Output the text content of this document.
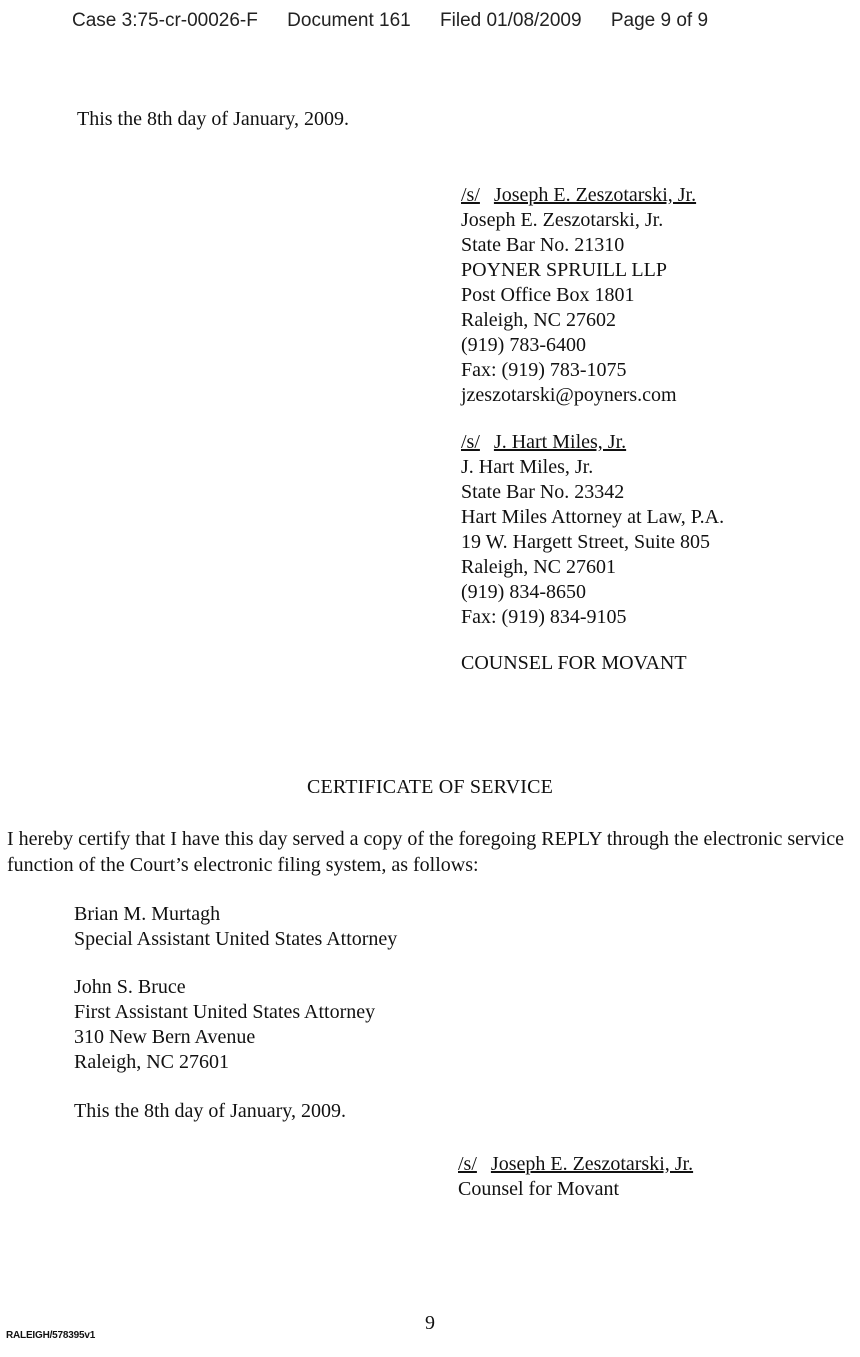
Case 3:75-cr-00026-F Document 161 Filed 01/08/2009 Page 9 of 9
This the 8th day of January, 2009.
/s/ Joseph E. Zeszotarski, Jr.
Joseph E. Zeszotarski, Jr.
State Bar No. 21310
POYNER SPRUILL LLP
Post Office Box 1801
Raleigh, NC 27602
(919) 783-6400
Fax: (919) 783-1075
jzeszotarski@poyners.com
/s/ J. Hart Miles, Jr.
J. Hart Miles, Jr.
State Bar No. 23342
Hart Miles Attorney at Law, P.A.
19 W. Hargett Street, Suite 805
Raleigh, NC 27601
(919) 834-8650
Fax: (919) 834-9105
COUNSEL FOR MOVANT
CERTIFICATE OF SERVICE
I hereby certify that I have this day served a copy of the foregoing REPLY through the electronic service function of the Court’s electronic filing system, as follows:
Brian M. Murtagh
Special Assistant United States Attorney
John S. Bruce
First Assistant United States Attorney
310 New Bern Avenue
Raleigh, NC 27601
This the 8th day of January, 2009.
/s/ Joseph E. Zeszotarski, Jr.
Counsel for Movant
9
RALEIGH/578395v1
